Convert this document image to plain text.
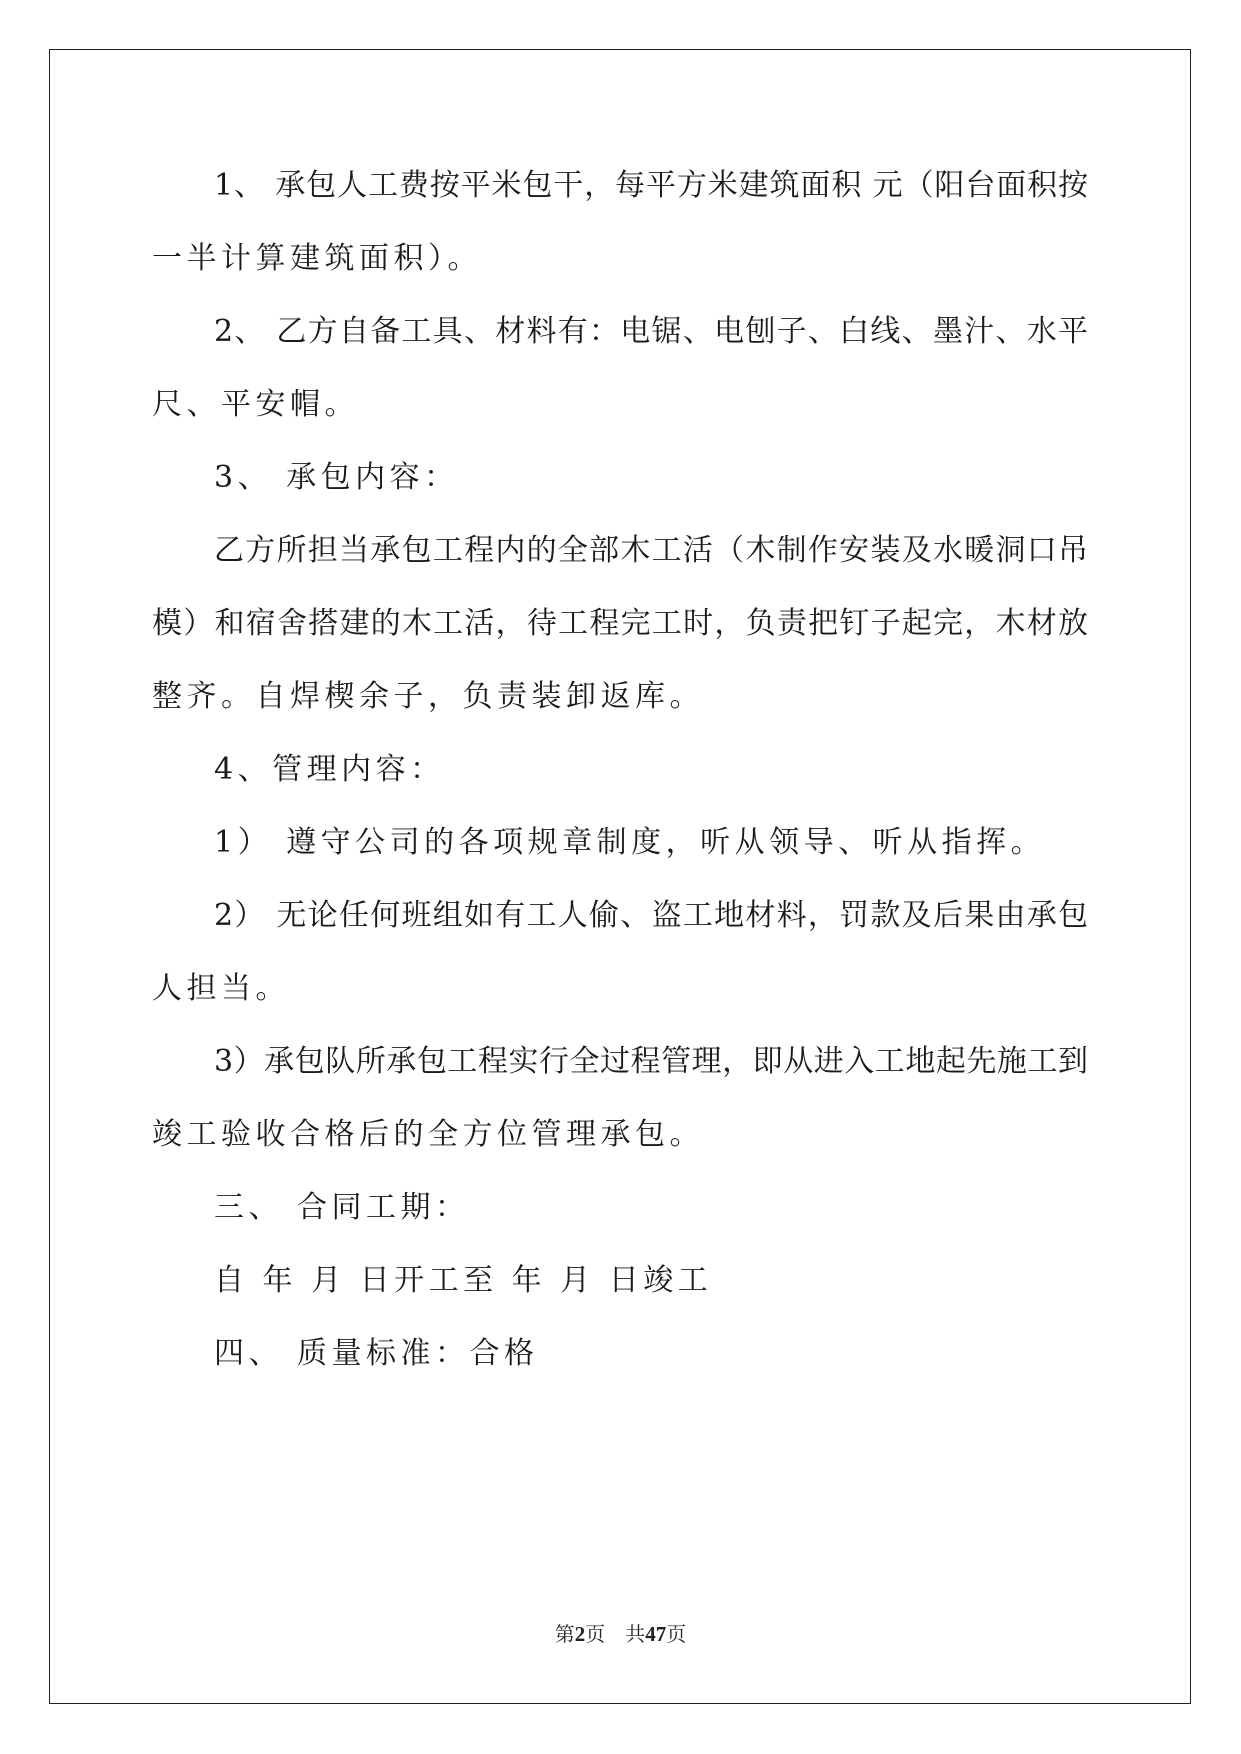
1、 承包人工费按平米包干，每平方米建筑面积 元（阳台面积按
一半计算建筑面积）。
2、 乙方自备工具、材料有：电锯、电刨子、白线、墨汁、水平
尺、平安帽。
3、 承包内容：
乙方所担当承包工程内的全部木工活（木制作安装及水暖洞口吊
模）和宿舍搭建的木工活，待工程完工时，负责把钉子起完，木材放
整齐。自焊楔余子，负责装卸返库。
4、管理内容：
1） 遵守公司的各项规章制度，听从领导、听从指挥。
2） 无论任何班组如有工人偷、盗工地材料，罚款及后果由承包
人担当。
3）承包队所承包工程实行全过程管理，即从进入工地起先施工到
竣工验收合格后的全方位管理承包。
三、 合同工期：
自 年 月 日开工至 年 月 日竣工
四、 质量标准：合格
第2页    共47页
